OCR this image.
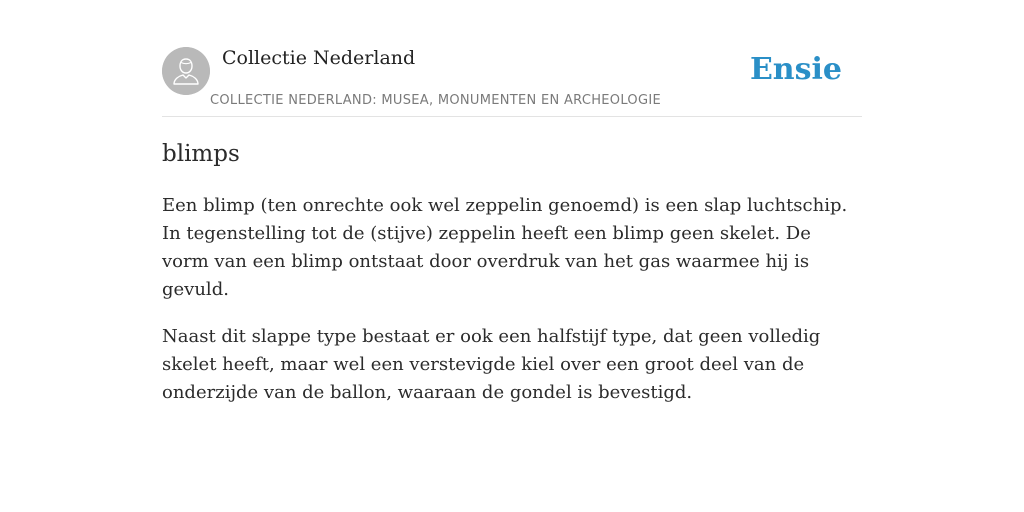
Collectie Nederland
COLLECTIE NEDERLAND: MUSEA, MONUMENTEN EN ARCHEOLOGIE
Ensie
blimps

Een blimp (ten onrechte ook wel zeppelin genoemd) is een slap luchtschip. In tegenstelling tot de (stijve) zeppelin heeft een blimp geen skelet. De vorm van een blimp ontstaat door overdruk van het gas waarmee hij is gevuld.

Naast dit slappe type bestaat er ook een halfstijf type, dat geen volledig skelet heeft, maar wel een verstevigde kiel over een groot deel van de onderzijde van de ballon, waaraan de gondel is bevestigd.
